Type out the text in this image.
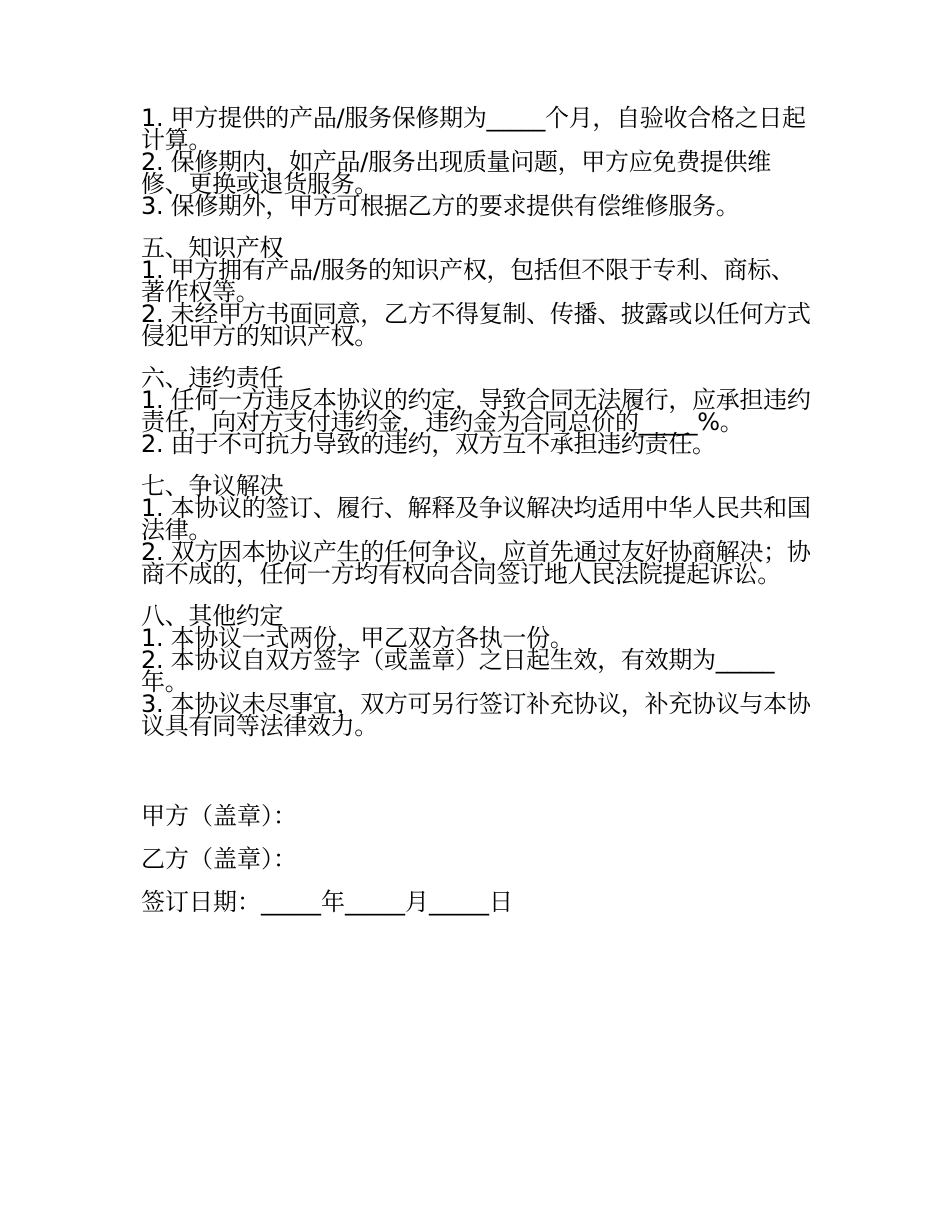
1. 甲方提供的产品/服务保修期为_____个月，自验收合格之日起计算。
2. 保修期内，如产品/服务出现质量问题，甲方应免费提供维修、更换或退货服务。
3. 保修期外，甲方可根据乙方的要求提供有偿维修服务。
五、知识产权
1. 甲方拥有产品/服务的知识产权，包括但不限于专利、商标、著作权等。
2. 未经甲方书面同意，乙方不得复制、传播、披露或以任何方式侵犯甲方的知识产权。
六、违约责任
1. 任何一方违反本协议的约定，导致合同无法履行，应承担违约责任，向对方支付违约金，违约金为合同总价的_____%。
2. 由于不可抗力导致的违约，双方互不承担违约责任。
七、争议解决
1. 本协议的签订、履行、解释及争议解决均适用中华人民共和国法律。
2. 双方因本协议产生的任何争议，应首先通过友好协商解决；协商不成的，任何一方均有权向合同签订地人民法院提起诉讼。
八、其他约定
1. 本协议一式两份，甲乙双方各执一份。
2. 本协议自双方签字（或盖章）之日起生效，有效期为_____年。
3. 本协议未尽事宜，双方可另行签订补充协议，补充协议与本协议具有同等法律效力。
甲方（盖章）：
乙方（盖章）：
签订日期：_____年_____月_____日
